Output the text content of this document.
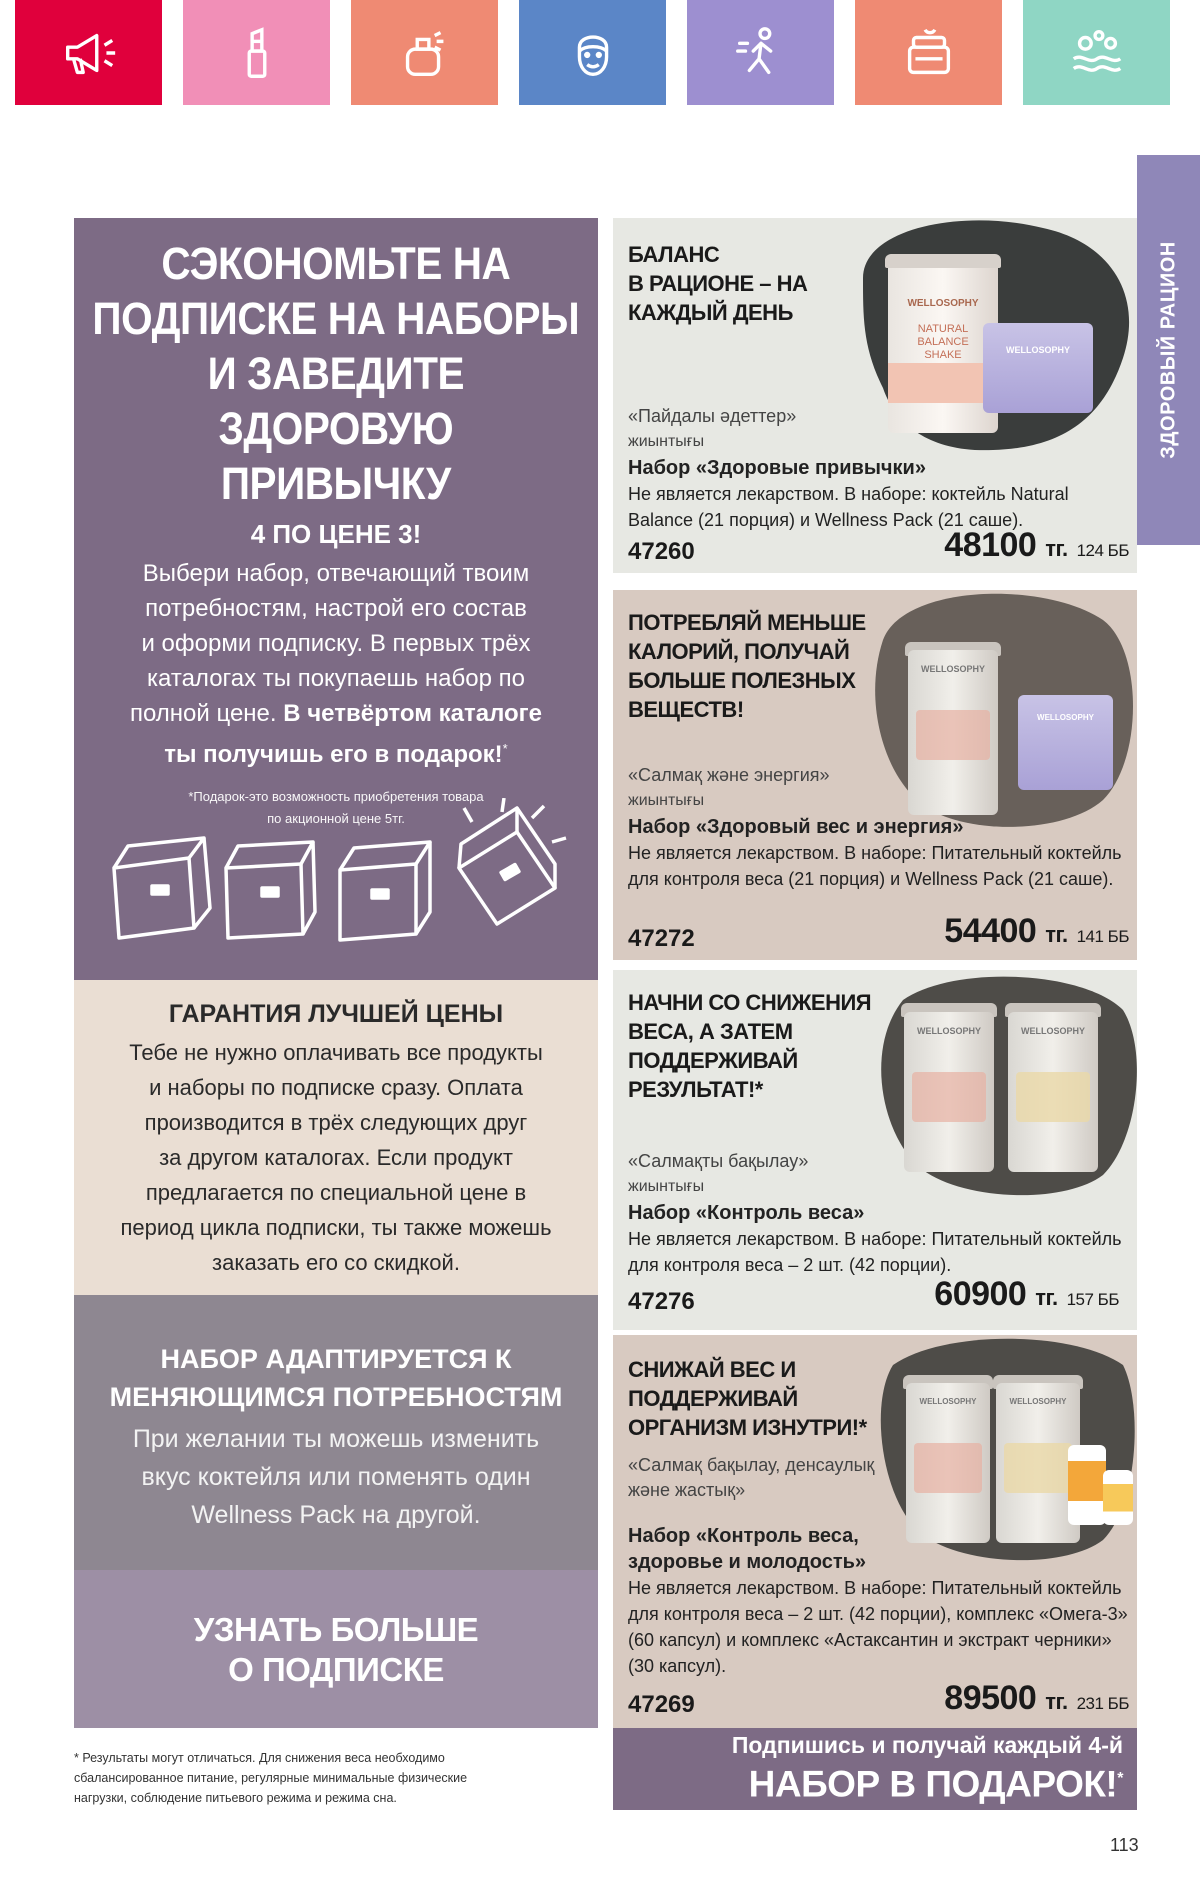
ЗДОРОВЫЙ РАЦИОН
СЭКОНОМЬТЕ НА
ПОДПИСКЕ НА НАБОРЫ
И ЗАВЕДИТЕ ЗДОРОВУЮ
ПРИВЫЧКУ
4 ПО ЦЕНЕ 3!
Выбери набор, отвечающий твоим
потребностям, настрой его состав
и оформи подписку. В первых трёх
каталогах ты покупаешь набор по
полной цене. В четвёртом каталоге
ты получишь его в подарок!*
*Подарок-это возможность приобретения товара
по акционной цене 5тг.
ГАРАНТИЯ ЛУЧШЕЙ ЦЕНЫ
Тебе не нужно оплачивать все продукты
и наборы по подписке сразу. Оплата
производится в трёх следующих друг
за другом каталогах. Если продукт
предлагается по специальной цене в
период цикла подписки, ты также можешь
заказать его со скидкой.
НАБОР АДАПТИРУЕТСЯ К
МЕНЯЮЩИМСЯ ПОТРЕБНОСТЯМ
При желании ты можешь изменить
вкус коктейля или поменять один
Wellness Pack на другой.
УЗНАТЬ БОЛЬШЕ
О ПОДПИСКЕ
* Результаты могут отличаться. Для снижения веса необходимо
сбалансированное питание, регулярные минимальные физические
нагрузки, соблюдение питьевого режима и режима сна.
WELLOSOPHY
NATURAL BALANCE SHAKE	WELLOSOPHY
БАЛАНС
В РАЦИОНЕ – НА
КАЖДЫЙ ДЕНЬ
«Пайдалы әдеттер»
жиынтығы
Набор «Здоровые привычки»
Не является лекарством. В наборе: коктейль Natural Balance (21 порция) и Wellness Pack (21 саше).
47260	48100 тг. 124 ББ
WELLOSOPHY
WELLOSOPHY
ПОТРЕБЛЯЙ МЕНЬШЕ
КАЛОРИЙ, ПОЛУЧАЙ
БОЛЬШЕ ПОЛЕЗНЫХ
ВЕЩЕСТВ!
«Салмақ және энергия»
жиынтығы
Набор «Здоровый вес и энергия»
Не является лекарством. В наборе: Питательный коктейль для контроля веса (21 порция) и Wellness Pack (21 саше).
47272	54400 тг. 141 ББ
WELLOSOPHY	WELLOSOPHY
НАЧНИ СО СНИЖЕНИЯ
ВЕСА, А ЗАТЕМ
ПОДДЕРЖИВАЙ
РЕЗУЛЬТАТ!*
«Салмақты бақылау»
жиынтығы
Набор «Контроль веса»
Не является лекарством. В наборе: Питательный коктейль для контроля веса – 2 шт. (42 порции).
47276	60900 тг. 157 ББ
WELLOSOPHY	WELLOSOPHY
СНИЖАЙ ВЕС И
ПОДДЕРЖИВАЙ
ОРГАНИЗМ ИЗНУТРИ!*
«Салмақ бақылау, денсаулық және жастық»
Набор «Контроль веса, здоровье и молодость»
Не является лекарством. В наборе: Питательный коктейль для контроля веса – 2 шт. (42 порции), комплекс «Омега-3» (60 капсул) и комплекс «Астаксантин и экстракт черники» (30 капсул).
47269	89500 тг. 231 ББ
Подпишись и получай каждый 4-й
НАБОР В ПОДАРОК!*
113
